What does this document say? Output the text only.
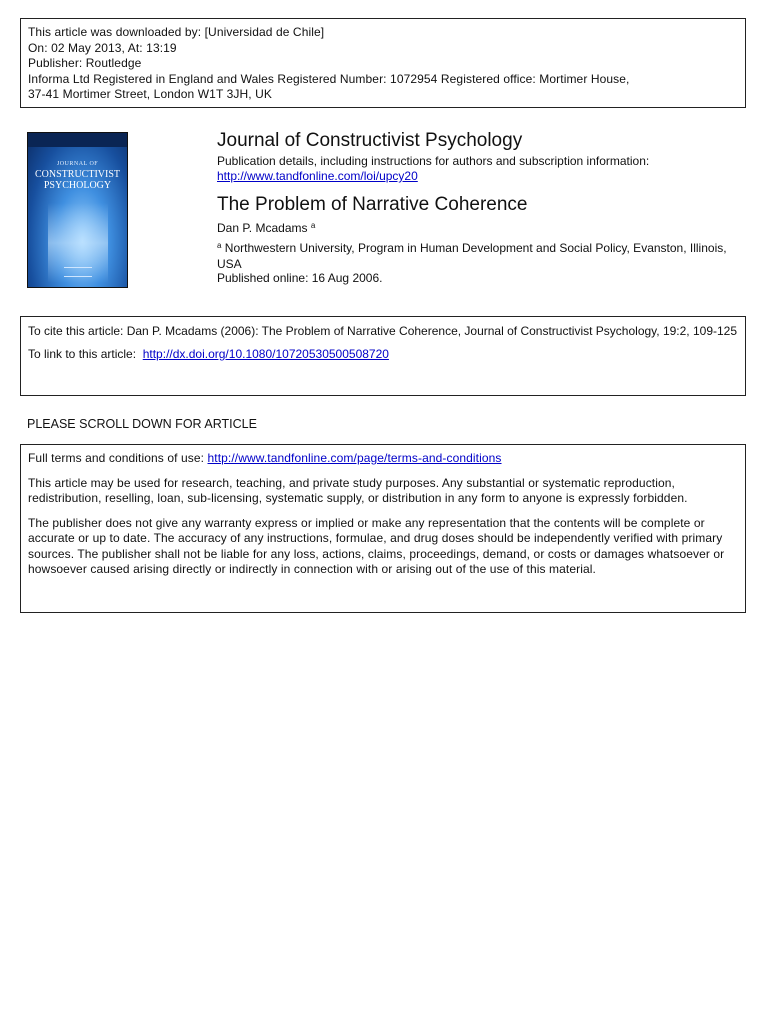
This article was downloaded by: [Universidad de Chile]
On: 02 May 2013, At: 13:19
Publisher: Routledge
Informa Ltd Registered in England and Wales Registered Number: 1072954 Registered office: Mortimer House,
37-41 Mortimer Street, London W1T 3JH, UK
JOURNAL OF
CONSTRUCTIVIST
PSYCHOLOGY
Journal of Constructivist Psychology
Publication details, including instructions for authors and subscription information:
http://www.tandfonline.com/loi/upcy20
The Problem of Narrative Coherence
Dan P. Mcadams $^a$
$^a$ Northwestern University, Program in Human Development and Social Policy, Evanston, Illinois, USA
Published online: 16 Aug 2006.
To cite this article: Dan P. Mcadams (2006): The Problem of Narrative Coherence, Journal of Constructivist Psychology, 19:2, 109-125
To link to this article: http://dx.doi.org/10.1080/10720530500508720
PLEASE SCROLL DOWN FOR ARTICLE

Full terms and conditions of use: http://www.tandfonline.com/page/terms-and-conditions

This article may be used for research, teaching, and private study purposes. Any substantial or systematic reproduction, redistribution, reselling, loan, sub-licensing, systematic supply, or distribution in any form to anyone is expressly forbidden.

The publisher does not give any warranty express or implied or make any representation that the contents will be complete or accurate or up to date. The accuracy of any instructions, formulae, and drug doses should be independently verified with primary sources. The publisher shall not be liable for any loss, actions, claims, proceedings, demand, or costs or damages whatsoever or howsoever caused arising directly or indirectly in connection with or arising out of the use of this material.
